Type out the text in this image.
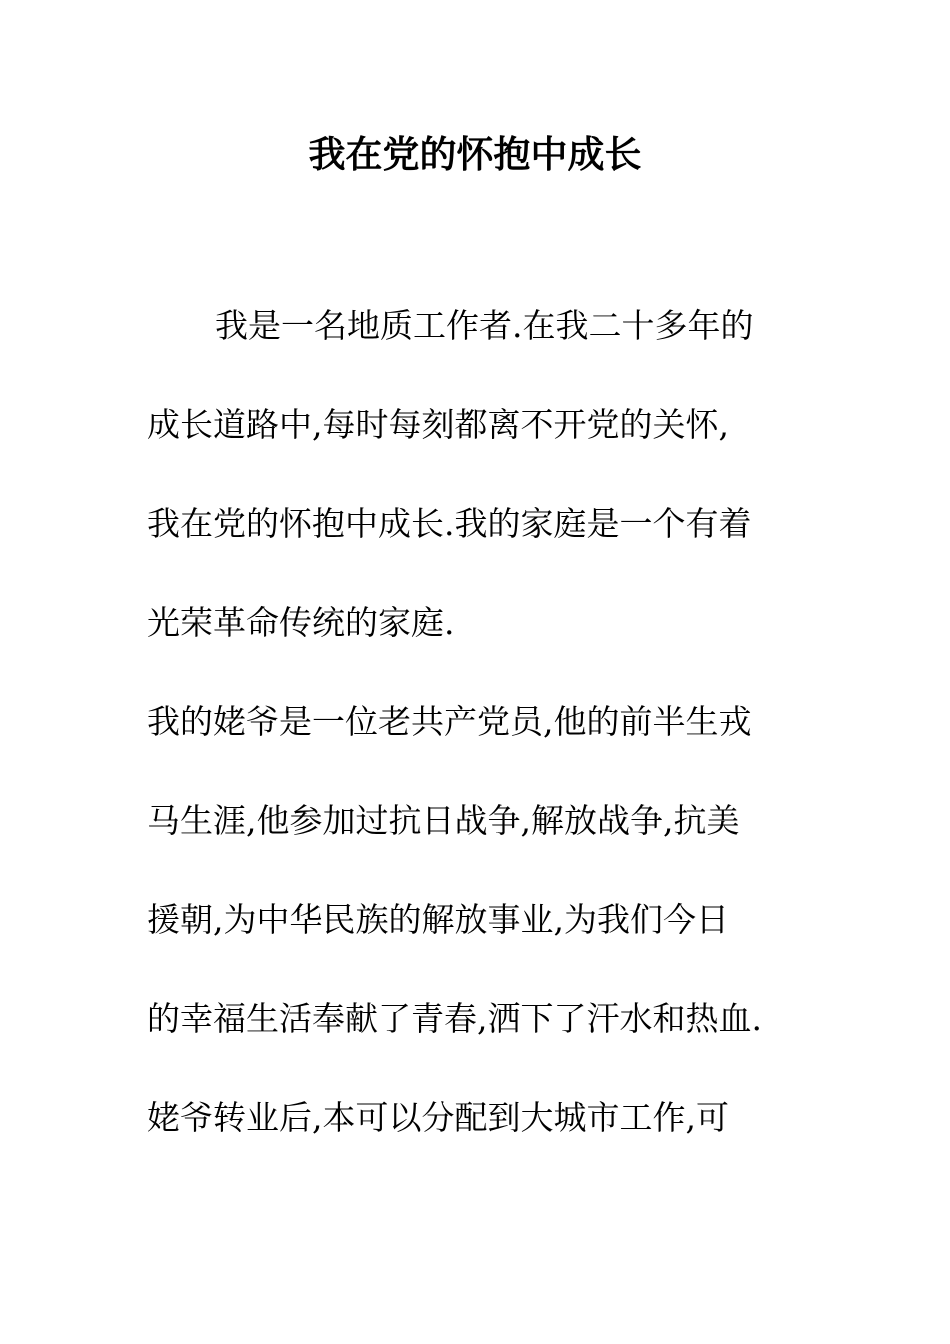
我在党的怀抱中成长
我是一名地质工作者.在我二十多年的
成长道路中,每时每刻都离不开党的关怀,
我在党的怀抱中成长.我的家庭是一个有着
光荣革命传统的家庭.
我的姥爷是一位老共产党员,他的前半生戎
马生涯,他参加过抗日战争,解放战争,抗美
援朝,为中华民族的解放事业,为我们今日
的幸福生活奉献了青春,洒下了汗水和热血.
姥爷转业后,本可以分配到大城市工作,可
